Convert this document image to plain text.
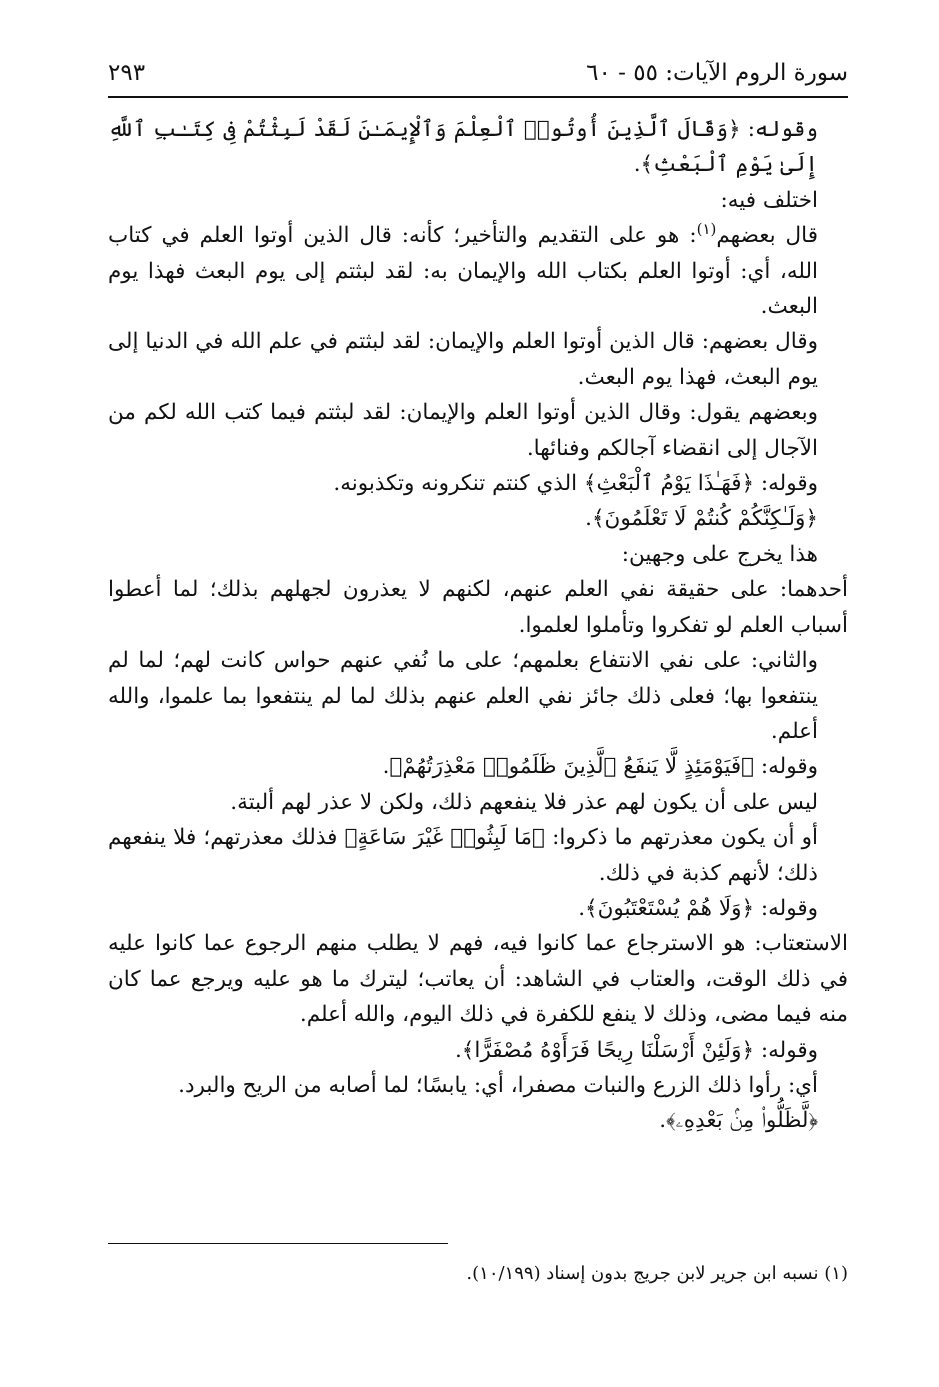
سورة الروم الآيات: ٥٥ - ٦٠
٢٩٣

وقوله: ﴿وَقَالَ ٱلَّذِينَ أُوتُوا۟ ٱلْعِلْمَ وَٱلْإِيمَـٰنَ لَقَدْ لَبِثْتُمْ فِى كِتَـٰبِ ٱللَّهِ إِلَىٰ يَوْمِ ٱلْبَعْثِ﴾.

اختلف فيه:

قال بعضهم$^{(١)}$: هو على التقديم والتأخير؛ كأنه: قال الذين أوتوا العلم في كتاب الله، أي: أوتوا العلم بكتاب الله والإيمان به: لقد لبثتم إلى يوم البعث فهذا يوم البعث.

وقال بعضهم: قال الذين أوتوا العلم والإيمان: لقد لبثتم في علم الله في الدنيا إلى يوم البعث، فهذا يوم البعث.

وبعضهم يقول: وقال الذين أوتوا العلم والإيمان: لقد لبثتم فيما كتب الله لكم من الآجال إلى انقضاء آجالكم وفنائها.

وقوله: ﴿فَهَـٰذَا يَوْمُ ٱلْبَعْثِ﴾ الذي كنتم تنكرونه وتكذبونه.

﴿وَلَـٰكِنَّكُمْ كُنتُمْ لَا تَعْلَمُونَ﴾.

هذا يخرج على وجهين:

أحدهما: على حقيقة نفي العلم عنهم، لكنهم لا يعذرون لجهلهم بذلك؛ لما أعطوا أسباب العلم لو تفكروا وتأملوا لعلموا.

والثاني: على نفي الانتفاع بعلمهم؛ على ما نُفي عنهم حواس كانت لهم؛ لما لم ينتفعوا بها؛ فعلى ذلك جائز نفي العلم عنهم بذلك لما لم ينتفعوا بما علموا، والله أعلم.

وقوله: ﴿فَيَوْمَئِذٍ لَّا يَنفَعُ ٱلَّذِينَ ظَلَمُوا۟ مَعْذِرَتُهُمْ﴾.

ليس على أن يكون لهم عذر فلا ينفعهم ذلك، ولكن لا عذر لهم ألبتة.

أو أن يكون معذرتهم ما ذكروا: ﴿مَا لَبِثُوا۟ غَيْرَ سَاعَةٍ﴾ فذلك معذرتهم؛ فلا ينفعهم ذلك؛ لأنهم كذبة في ذلك.

وقوله: ﴿وَلَا هُمْ يُسْتَعْتَبُونَ﴾.

الاستعتاب: هو الاسترجاع عما كانوا فيه، فهم لا يطلب منهم الرجوع عما كانوا عليه في ذلك الوقت، والعتاب في الشاهد: أن يعاتب؛ ليترك ما هو عليه ويرجع عما كان منه فيما مضى، وذلك لا ينفع للكفرة في ذلك اليوم، والله أعلم.

وقوله: ﴿وَلَئِنْ أَرْسَلْنَا رِيحًا فَرَأَوْهُ مُصْفَرًّا﴾.

أي: رأوا ذلك الزرع والنبات مصفرا، أي: يابسًا؛ لما أصابه من الريح والبرد.

﴿لَّظَلُّوا۟ مِنۢ بَعْدِهِۦ﴾.

(١) نسبه ابن جرير لابن جريج بدون إسناد (١٠/١٩٩).
